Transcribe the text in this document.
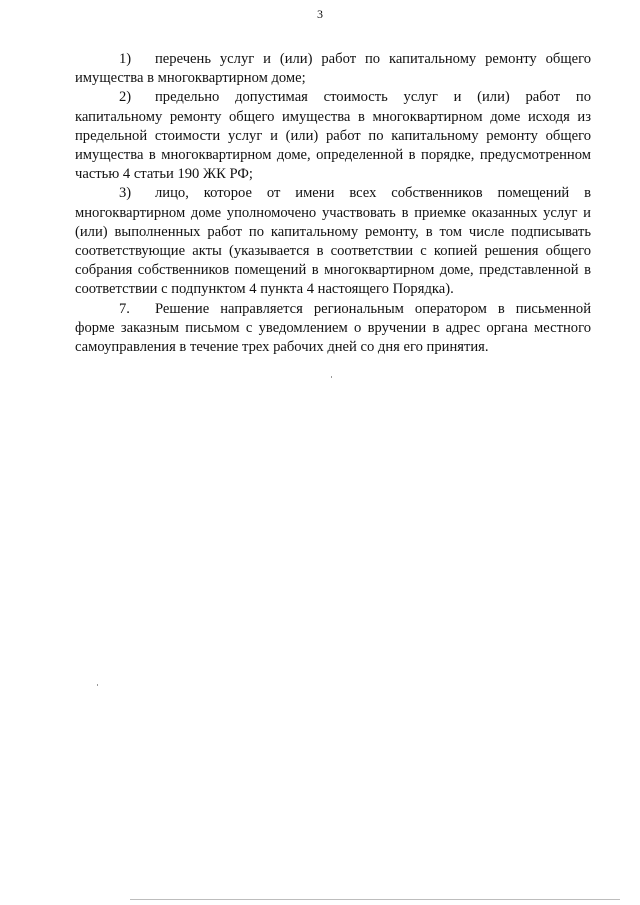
3

1) перечень услуг и (или) работ по капитальному ремонту общего имущества в многоквартирном доме;

2) предельно допустимая стоимость услуг и (или) работ по капитальному ремонту общего имущества в многоквартирном доме исходя из предельной стоимости услуг и (или) работ по капитальному ремонту общего имущества в многоквартирном доме, определенной в порядке, предусмотренном частью 4 статьи 190 ЖК РФ;

3) лицо, которое от имени всех собственников помещений в многоквартирном доме уполномочено участвовать в приемке оказанных услуг и (или) выполненных работ по капитальному ремонту, в том числе подписывать соответствующие акты (указывается в соответствии с копией решения общего собрания собственников помещений в многоквартирном доме, представленной в соответствии с подпунктом 4 пункта 4 настоящего Порядка).

7. Решение направляется региональным оператором в письменной форме заказным письмом с уведомлением о вручении в адрес органа местного самоуправления в течение трех рабочих дней со дня его принятия.
